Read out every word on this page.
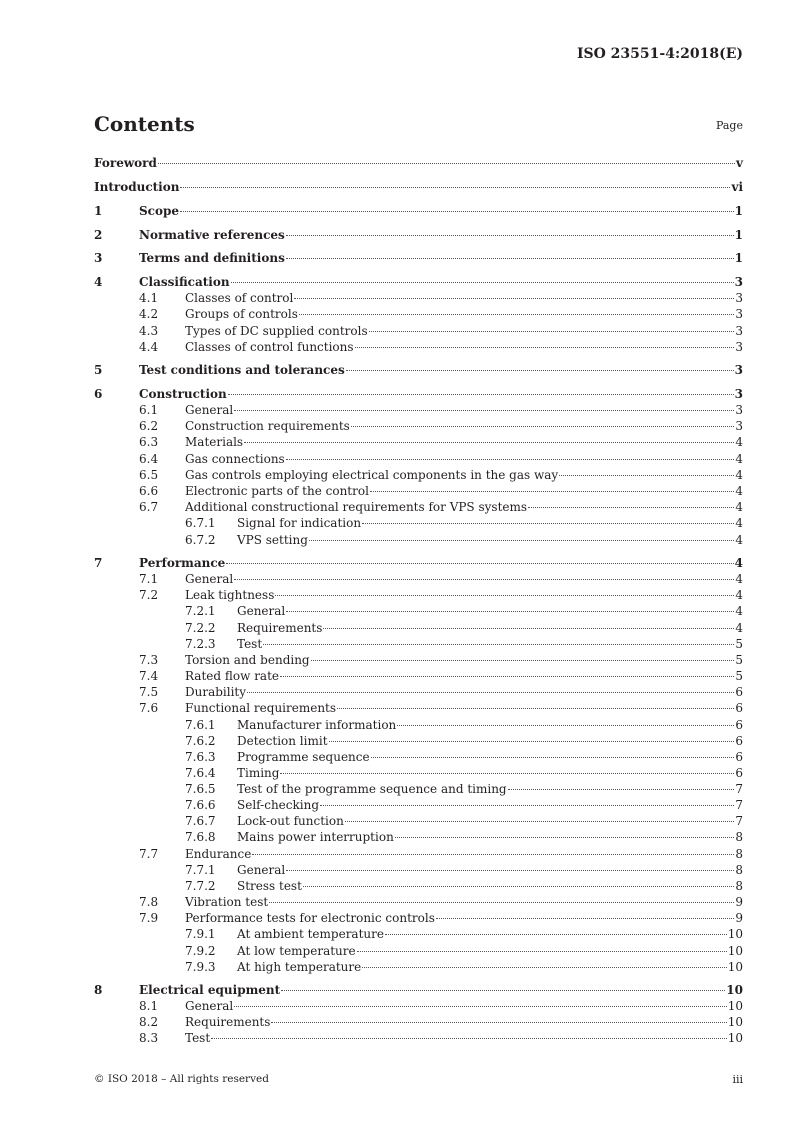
ISO 23551-4:2018(E)
Contents	Page
Foreword	v
Introduction	vi
1	Scope	1
2	Normative references	1
3	Terms and definitions	1
4	Classification	3
4.1 Classes of control	3
4.2 Groups of controls	3
4.3 Types of DC supplied controls	3
4.4 Classes of control functions	3
5	Test conditions and tolerances	3
6	Construction	3
6.1 General	3
6.2 Construction requirements	3
6.3 Materials	4
6.4 Gas connections	4
6.5 Gas controls employing electrical components in the gas way	4
6.6 Electronic parts of the control	4
6.7 Additional constructional requirements for VPS systems	4
6.7.1 Signal for indication	4
6.7.2 VPS setting	4
7	Performance	4
7.1 General	4
7.2 Leak tightness	4
7.2.1 General	4
7.2.2 Requirements	4
7.2.3 Test	5
7.3 Torsion and bending	5
7.4 Rated flow rate	5
7.5 Durability	6
7.6 Functional requirements	6
7.6.1 Manufacturer information	6
7.6.2 Detection limit	6
7.6.3 Programme sequence	6
7.6.4 Timing	6
7.6.5 Test of the programme sequence and timing	7
7.6.6 Self-checking	7
7.6.7 Lock-out function	7
7.6.8 Mains power interruption	8
7.7 Endurance	8
7.7.1 General	8
7.7.2 Stress test	8
7.8 Vibration test	9
7.9 Performance tests for electronic controls	9
7.9.1 At ambient temperature	10
7.9.2 At low temperature	10
7.9.3 At high temperature	10
8	Electrical equipment	10
8.1 General	10
8.2 Requirements	10
8.3 Test	10
© ISO 2018 – All rights reserved	iii
